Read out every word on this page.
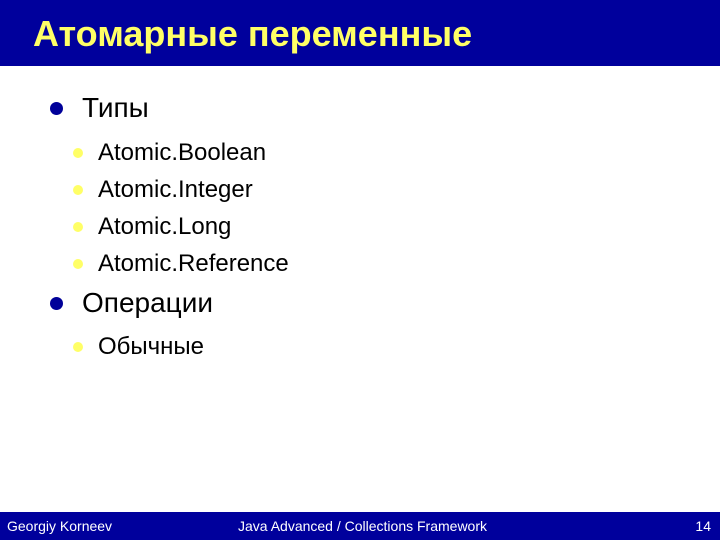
Атомарные переменные
Типы
Atomic.Boolean
Atomic.Integer
Atomic.Long
Atomic.Reference
Операции
Обычные
Georgiy Korneev	Java Advanced / Collections Framework	14
